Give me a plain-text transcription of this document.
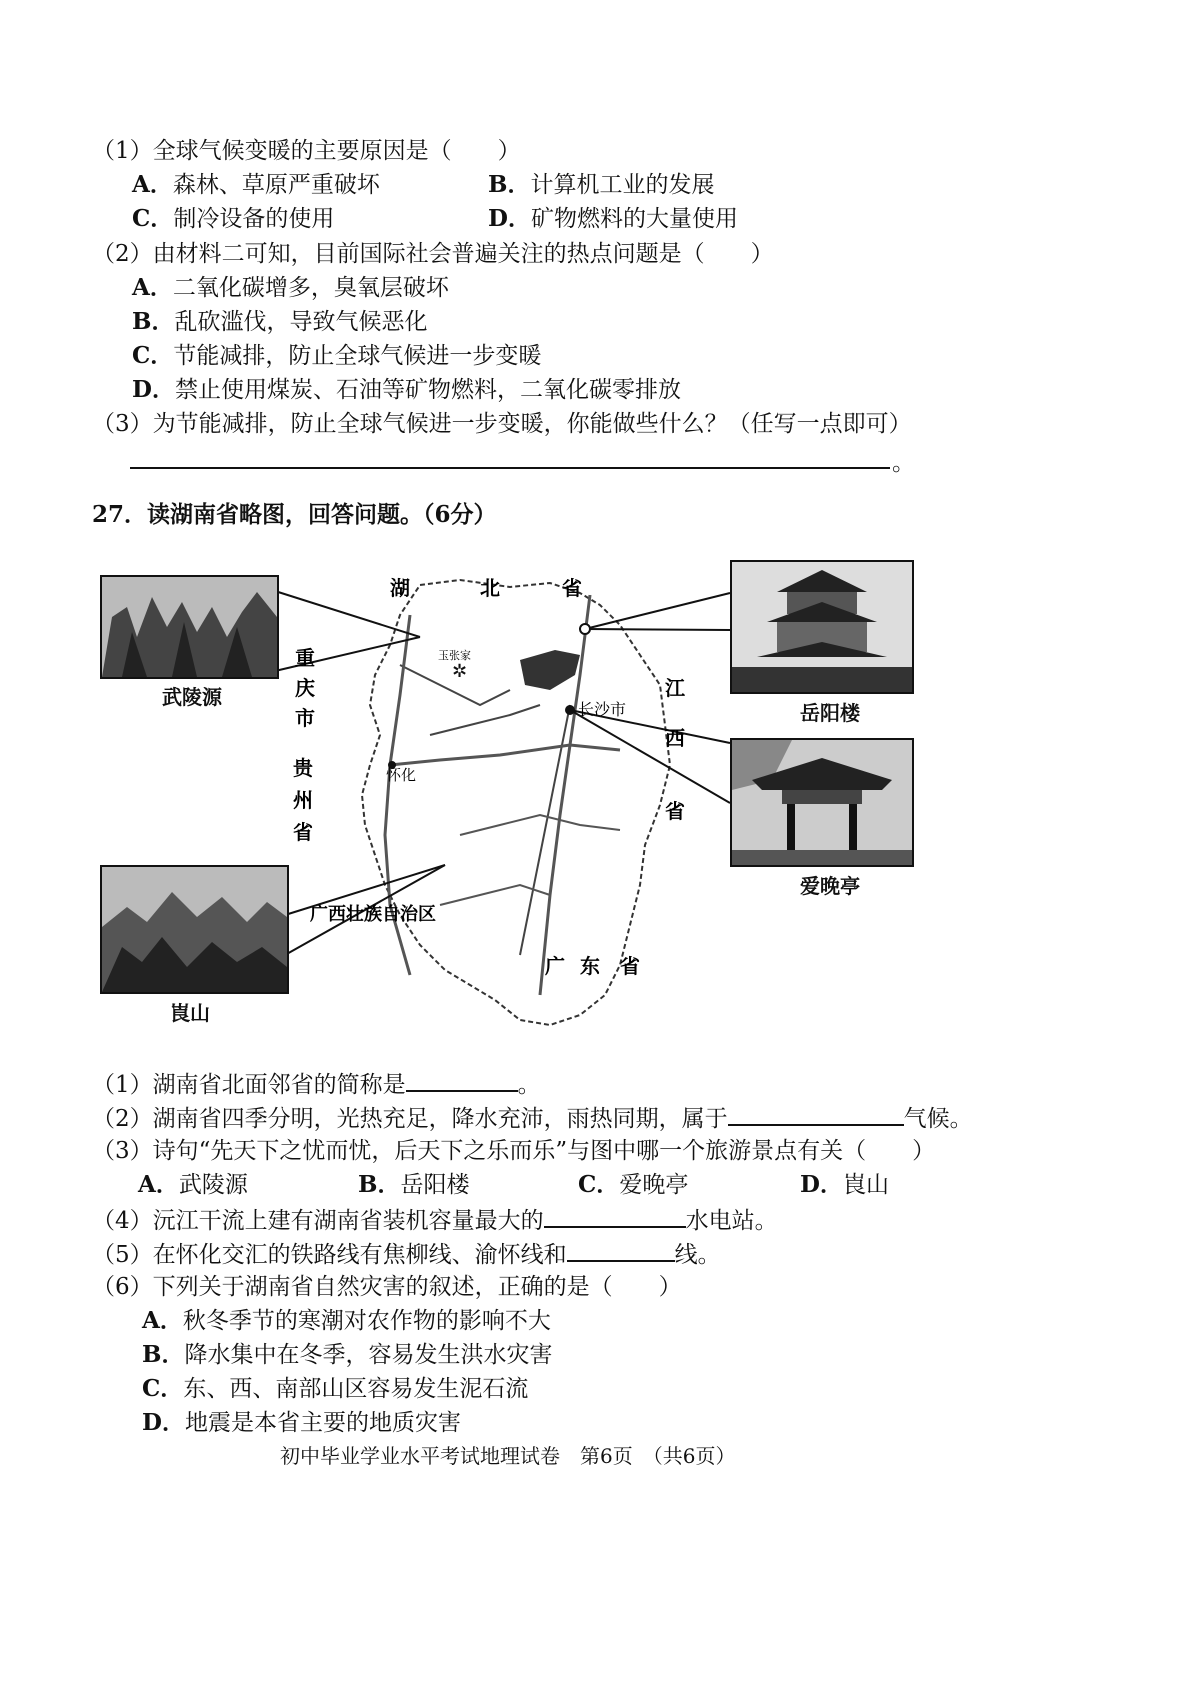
（1）全球气候变暖的主要原因是（　　）
A．森林、草原严重破坏	B．计算机工业的发展
C．制冷设备的使用	D．矿物燃料的大量使用
（2）由材料二可知，目前国际社会普遍关注的热点问题是（　　）
A．二氧化碳增多，臭氧层破坏
B．乱砍滥伐，导致气候恶化
C．节能减排，防止全球气候进一步变暖
D．禁止使用煤炭、石油等矿物燃料，二氧化碳零排放
（3）为节能减排，防止全球气候进一步变暖，你能做些什么？（任写一点即可）
。
27．读湖南省略图，回答问题。（6分）
✲
湖	北	省
重
庆
市
贵
州
省
江
西
省
广西壮族自治区
广 东 省
长沙市
怀化
玉张家
武陵源
岳阳楼
爱晚亭
崀山
（1）湖南省北面邻省的简称是	。
（2）湖南省四季分明，光热充足，降水充沛，雨热同期，属于	气候。
（3）诗句“先天下之忧而忧，后天下之乐而乐”与图中哪一个旅游景点有关（　　）
A．武陵源	B．岳阳楼	C．爱晚亭	D．崀山
（4）沅江干流上建有湖南省装机容量最大的	水电站。
（5）在怀化交汇的铁路线有焦柳线、渝怀线和	线。
（6）下列关于湖南省自然灾害的叙述，正确的是（　　）
A．秋冬季节的寒潮对农作物的影响不大
B．降水集中在冬季，容易发生洪水灾害
C．东、西、南部山区容易发生泥石流
D．地震是本省主要的地质灾害
初中毕业学业水平考试地理试卷　第6页　（共6页）
